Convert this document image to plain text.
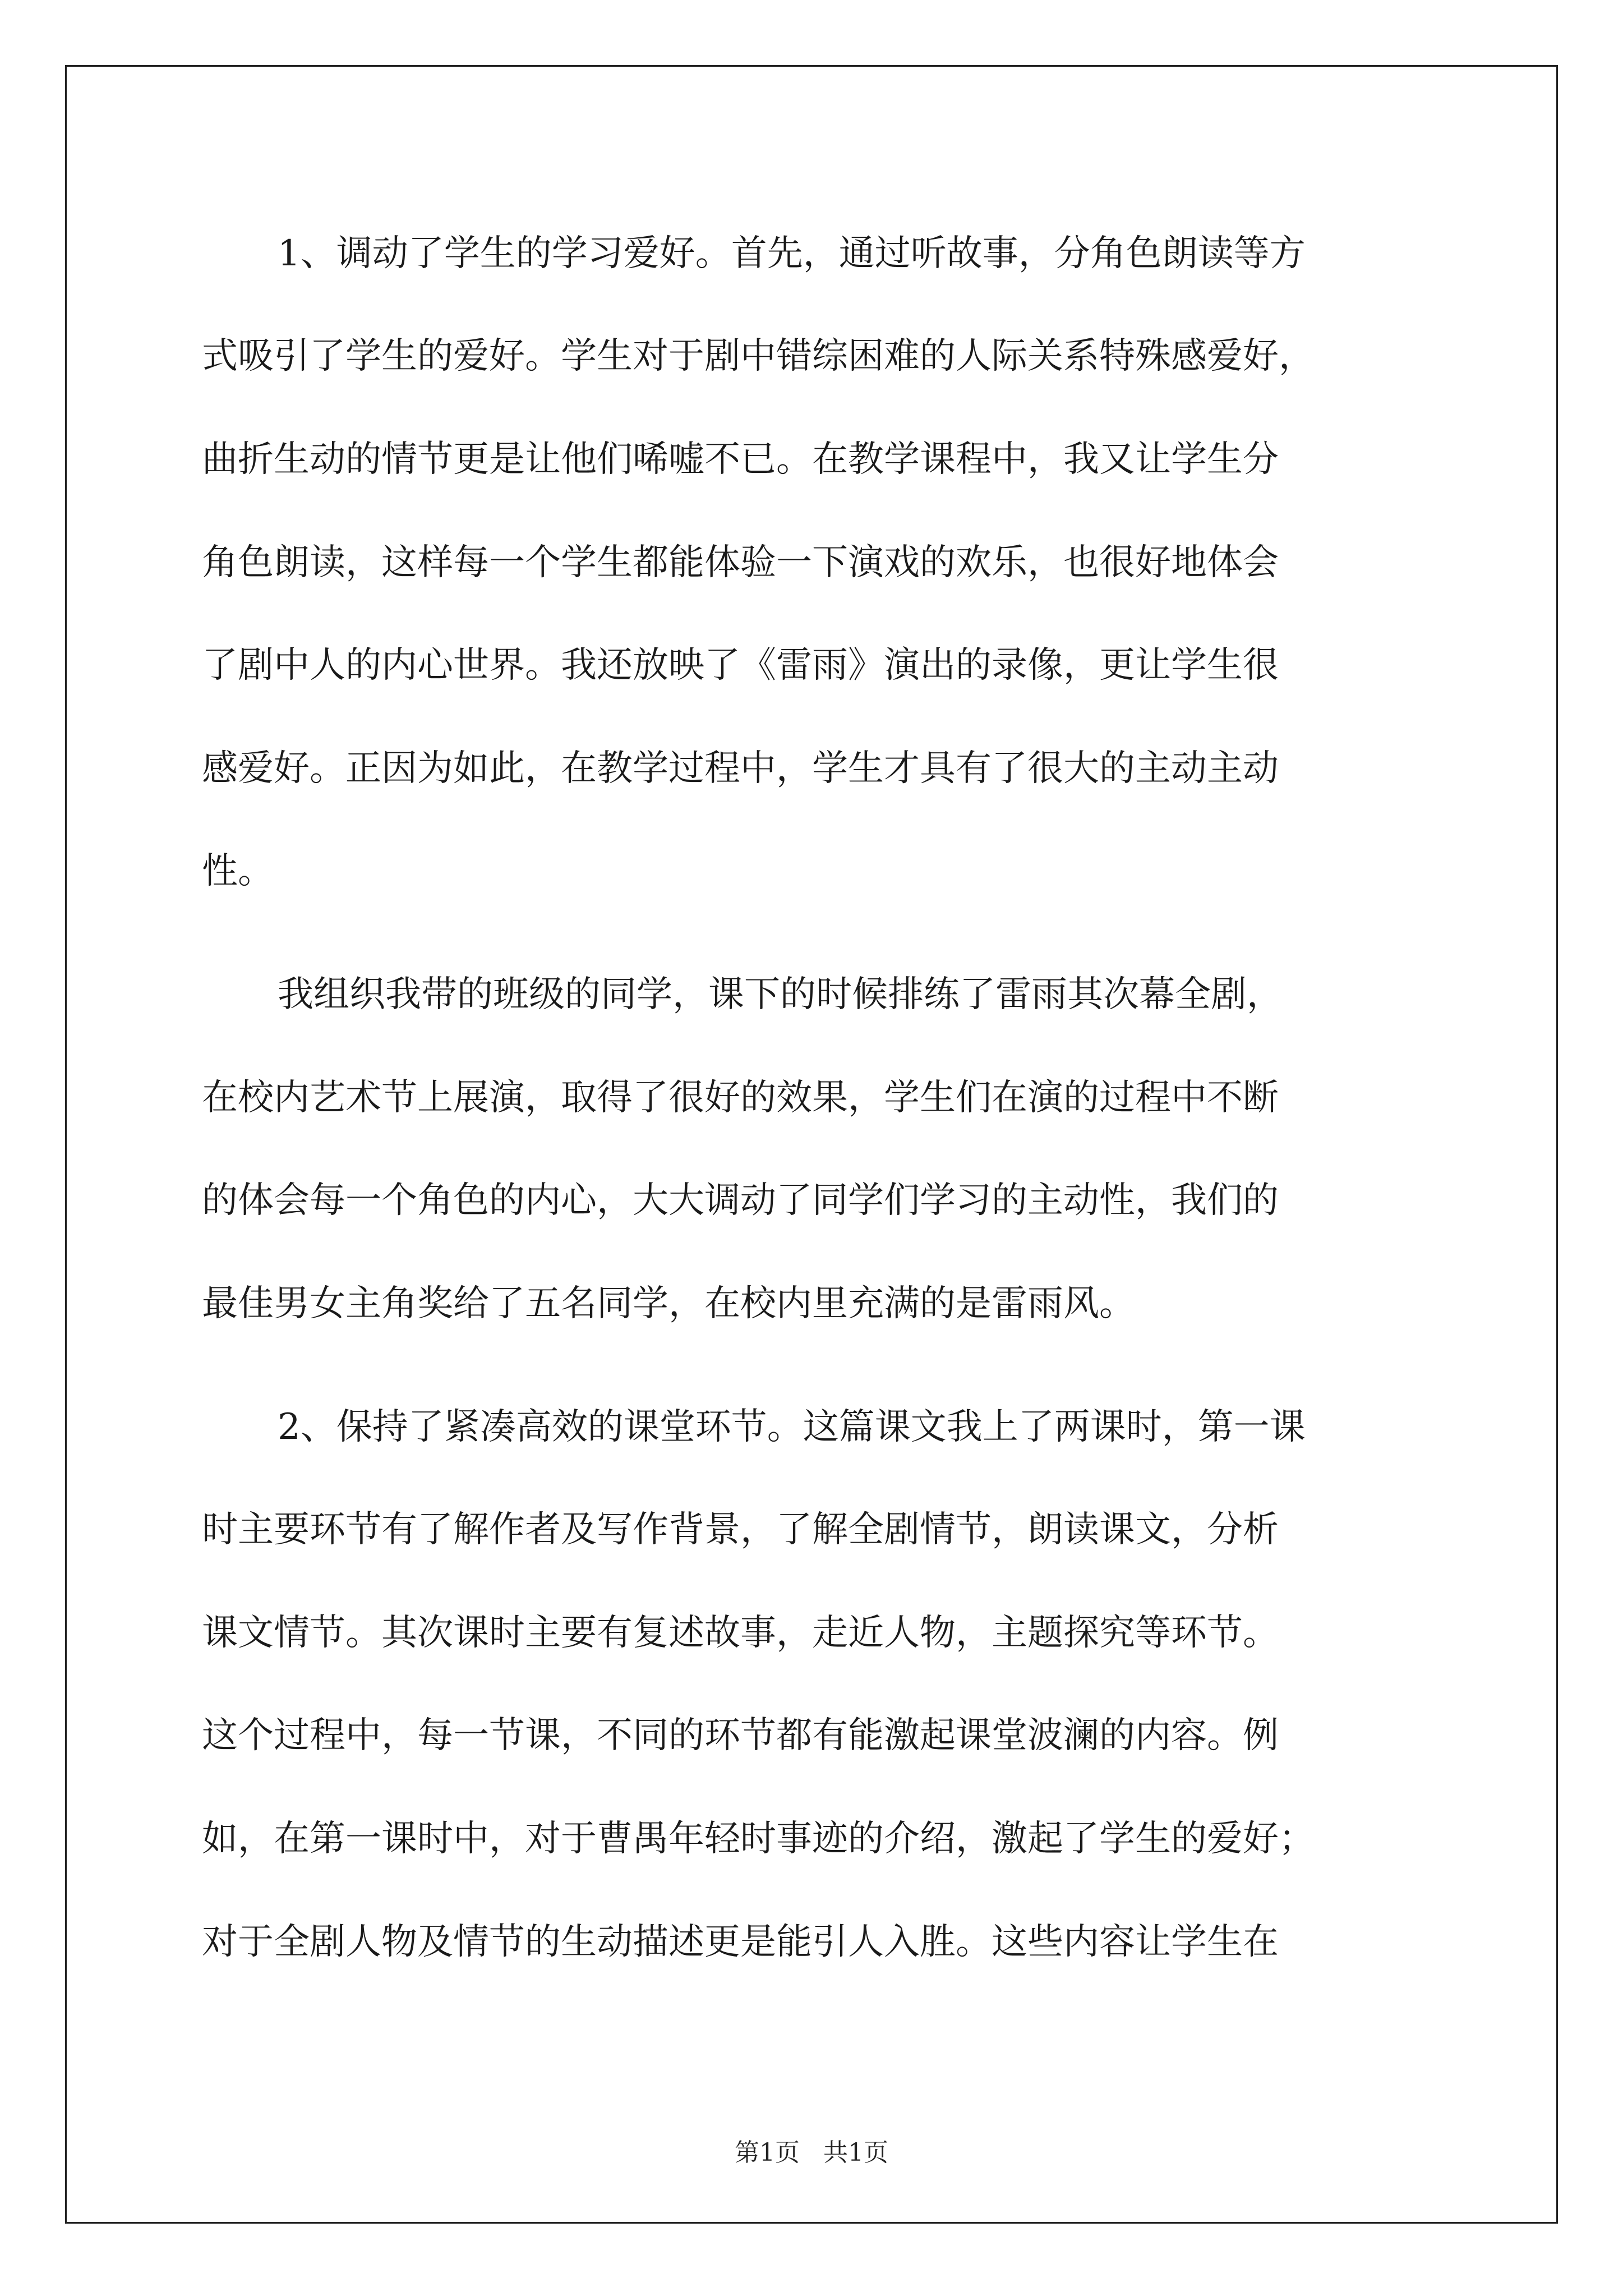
1、调动了学生的学习爱好。首先，通过听故事，分角色朗读等方
式吸引了学生的爱好。学生对于剧中错综困难的人际关系特殊感爱好，
曲折生动的情节更是让他们唏嘘不已。在教学课程中，我又让学生分
角色朗读，这样每一个学生都能体验一下演戏的欢乐，也很好地体会
了剧中人的内心世界。我还放映了《雷雨》演出的录像，更让学生很
感爱好。正因为如此，在教学过程中，学生才具有了很大的主动主动
性。
我组织我带的班级的同学，课下的时候排练了雷雨其次幕全剧，
在校内艺术节上展演，取得了很好的效果，学生们在演的过程中不断
的体会每一个角色的内心，大大调动了同学们学习的主动性，我们的
最佳男女主角奖给了五名同学，在校内里充满的是雷雨风。
2、保持了紧凑高效的课堂环节。这篇课文我上了两课时，第一课
时主要环节有了解作者及写作背景，了解全剧情节，朗读课文，分析
课文情节。其次课时主要有复述故事，走近人物，主题探究等环节。
这个过程中，每一节课，不同的环节都有能激起课堂波澜的内容。例
如，在第一课时中，对于曹禺年轻时事迹的介绍，激起了学生的爱好；
对于全剧人物及情节的生动描述更是能引人入胜。这些内容让学生在
第1页   共1页
